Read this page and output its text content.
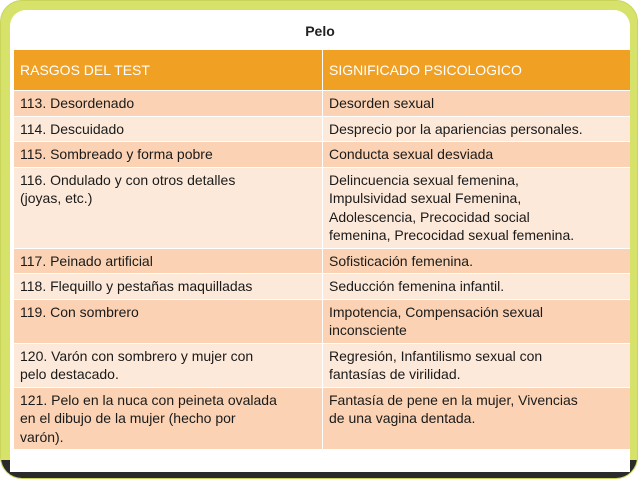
Pelo
RASGOS DEL TEST	SIGNIFICADO PSICOLOGICO

113. Desordenado	Desorden sexual

114. Descuidado	Desprecio por la apariencias personales.

115. Sombreado y forma pobre	Conducta sexual desviada

116. Ondulado y con otros detalles
(joyas, etc.)	Delincuencia sexual femenina,
Impulsividad sexual Femenina,
Adolescencia, Precocidad social
femenina, Precocidad sexual femenina.

117. Peinado artificial	Sofisticación femenina.

118. Flequillo y pestañas maquilladas	Seducción femenina infantil.

119. Con sombrero	Impotencia, Compensación sexual
inconsciente

120. Varón con sombrero y mujer con
pelo destacado.	Regresión, Infantilismo sexual con
fantasías de virilidad.

121. Pelo en la nuca con peineta ovalada
en el dibujo de la mujer (hecho por
varón).	Fantasía de pene en la mujer, Vivencias
de una vagina dentada.
